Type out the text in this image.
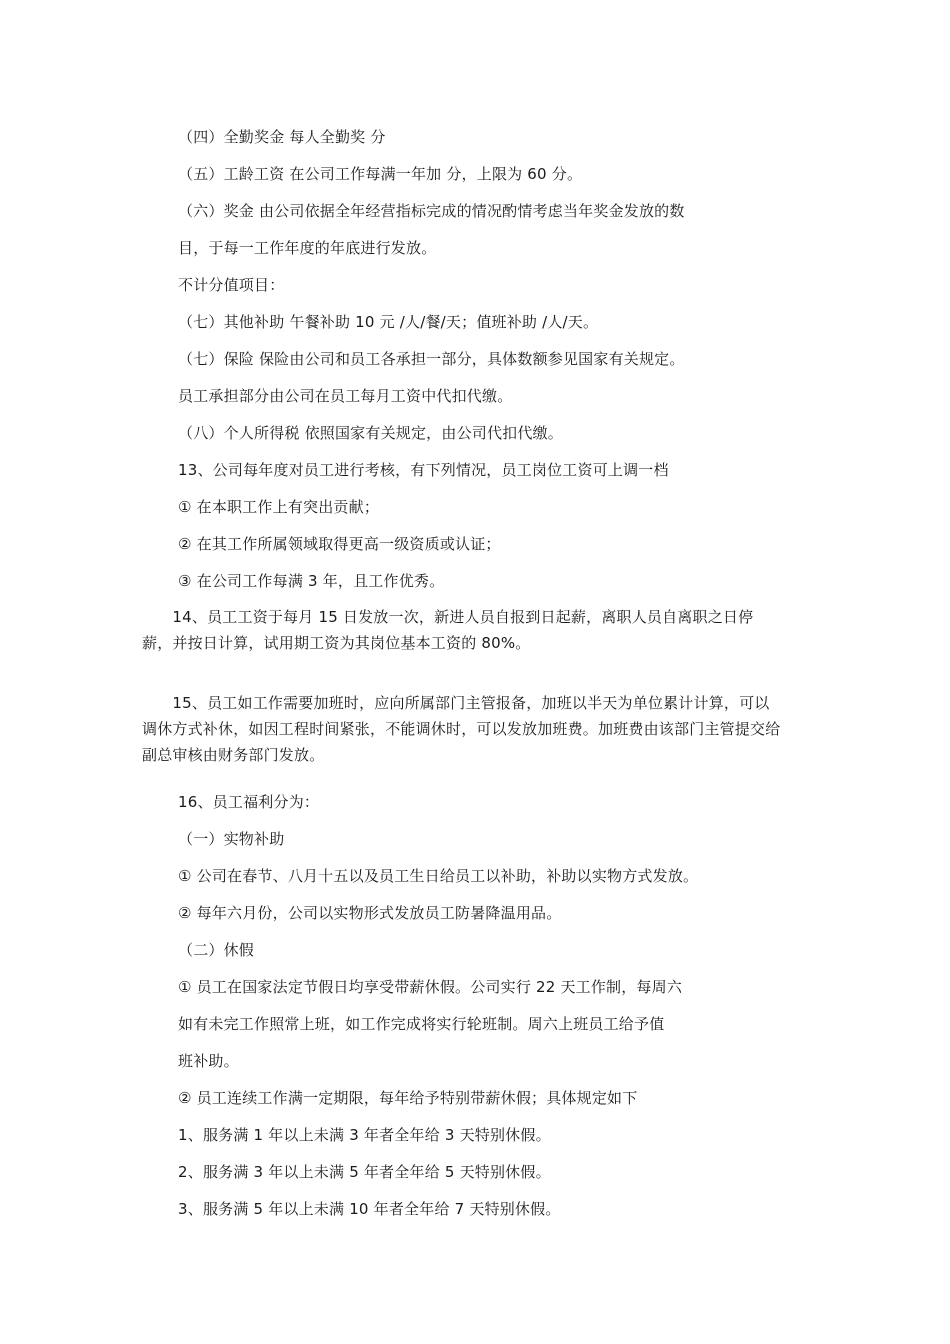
（四）全勤奖金 每人全勤奖 分
（五）工龄工资 在公司工作每满一年加 分，上限为 60 分。
（六）奖金 由公司依据全年经营指标完成的情况酌情考虑当年奖金发放的数
目，于每一工作年度的年底进行发放。
不计分值项目：
（七）其他补助 午餐补助 10 元 /人/餐/天；值班补助 /人/天。
（七）保险 保险由公司和员工各承担一部分，具体数额参见国家有关规定。
员工承担部分由公司在员工每月工资中代扣代缴。
（八）个人所得税 依照国家有关规定，由公司代扣代缴。
13、公司每年度对员工进行考核，有下列情况，员工岗位工资可上调一档
① 在本职工作上有突出贡献；
② 在其工作所属领域取得更高一级资质或认证；
③ 在公司工作每满 3 年，且工作优秀。
　　14、员工工资于每月 15 日发放一次，新进人员自报到日起薪，离职人员自离职之日停薪，并按日计算，试用期工资为其岗位基本工资的 80%。
　　15、员工如工作需要加班时，应向所属部门主管报备，加班以半天为单位累计计算，可以调休方式补休，如因工程时间紧张，不能调休时，可以发放加班费。加班费由该部门主管提交给副总审核由财务部门发放。
16、员工福利分为：
（一）实物补助
① 公司在春节、八月十五以及员工生日给员工以补助，补助以实物方式发放。
② 每年六月份，公司以实物形式发放员工防暑降温用品。
（二）休假
① 员工在国家法定节假日均享受带薪休假。公司实行 22 天工作制，每周六
如有未完工作照常上班，如工作完成将实行轮班制。周六上班员工给予值
班补助。
② 员工连续工作满一定期限，每年给予特别带薪休假；具体规定如下
1、服务满 1 年以上未满 3 年者全年给 3 天特别休假。
2、服务满 3 年以上未满 5 年者全年给 5 天特别休假。
3、服务满 5 年以上未满 10 年者全年给 7 天特别休假。
